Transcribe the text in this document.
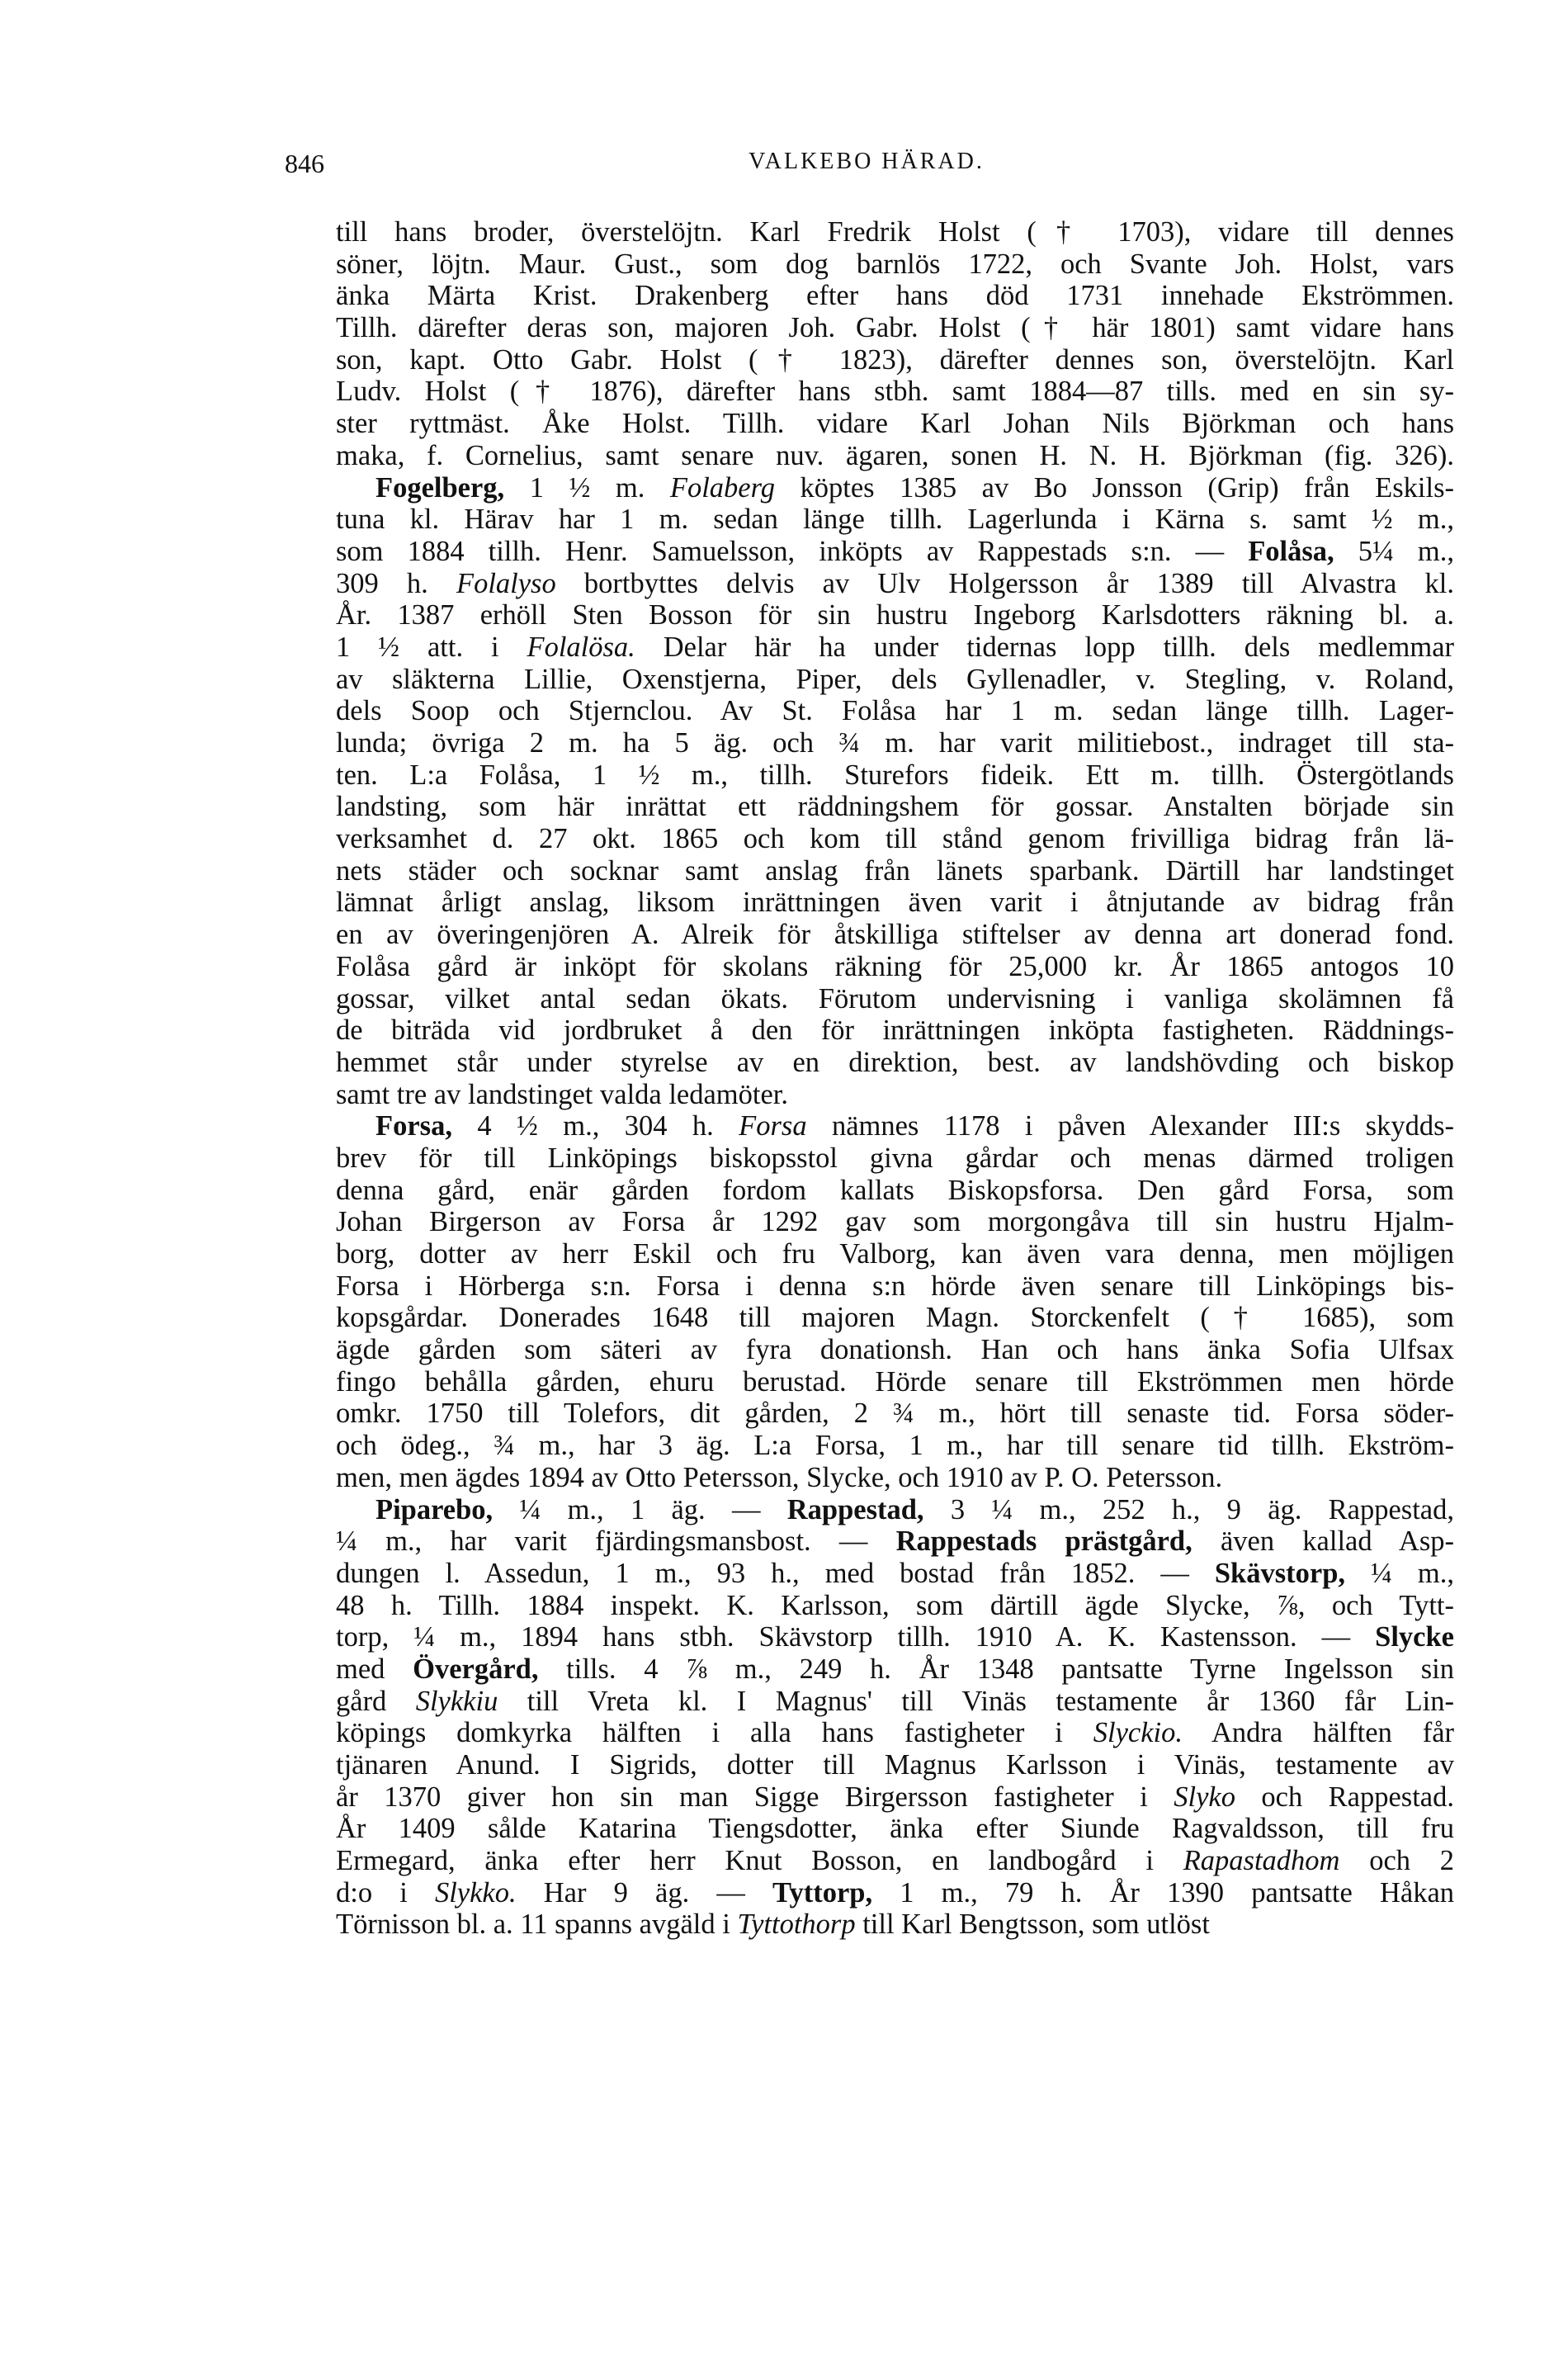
846	VALKEBO HÄRAD.
till hans broder, överstelöjtn. Karl Fredrik Holst († 1703), vidare till dennes
söner, löjtn. Maur. Gust., som dog barnlös 1722, och Svante Joh. Holst, vars
änka Märta Krist. Drakenberg efter hans död 1731 innehade Ekströmmen.
Tillh. därefter deras son, majoren Joh. Gabr. Holst († här 1801) samt vidare hans
son, kapt. Otto Gabr. Holst († 1823), därefter dennes son, överstelöjtn. Karl
Ludv. Holst († 1876), därefter hans stbh. samt 1884—87 tills. med en sin sy-
ster ryttmäst. Åke Holst. Tillh. vidare Karl Johan Nils Björkman och hans
maka, f. Cornelius, samt senare nuv. ägaren, sonen H. N. H. Björkman (fig. 326).
Fogelberg, 1 ½ m. Folaberg köptes 1385 av Bo Jonsson (Grip) från Eskils-
tuna kl. Härav har 1 m. sedan länge tillh. Lagerlunda i Kärna s. samt ½ m.,
som 1884 tillh. Henr. Samuelsson, inköpts av Rappestads s:n. — Folåsa, 5¼ m.,
309 h. Folalyso bortbyttes delvis av Ulv Holgersson år 1389 till Alvastra kl.
År. 1387 erhöll Sten Bosson för sin hustru Ingeborg Karlsdotters räkning bl. a.
1 ½ att. i Folalösa. Delar här ha under tidernas lopp tillh. dels medlemmar
av släkterna Lillie, Oxenstjerna, Piper, dels Gyllenadler, v. Stegling, v. Roland,
dels Soop och Stjernclou. Av St. Folåsa har 1 m. sedan länge tillh. Lager-
lunda; övriga 2 m. ha 5 äg. och ¾ m. har varit militiebost., indraget till sta-
ten. L:a Folåsa, 1 ½ m., tillh. Sturefors fideik. Ett m. tillh. Östergötlands
landsting, som här inrättat ett räddningshem för gossar. Anstalten började sin
verksamhet d. 27 okt. 1865 och kom till stånd genom frivilliga bidrag från lä-
nets städer och socknar samt anslag från länets sparbank. Därtill har landstinget
lämnat årligt anslag, liksom inrättningen även varit i åtnjutande av bidrag från
en av överingenjören A. Alreik för åtskilliga stiftelser av denna art donerad fond.
Folåsa gård är inköpt för skolans räkning för 25,000 kr. År 1865 antogos 10
gossar, vilket antal sedan ökats. Förutom undervisning i vanliga skolämnen få
de biträda vid jordbruket å den för inrättningen inköpta fastigheten. Räddnings-
hemmet står under styrelse av en direktion, best. av landshövding och biskop
samt tre av landstinget valda ledamöter.
Forsa, 4 ½ m., 304 h. Forsa nämnes 1178 i påven Alexander III:s skydds-
brev för till Linköpings biskopsstol givna gårdar och menas därmed troligen
denna gård, enär gården fordom kallats Biskopsforsa. Den gård Forsa, som
Johan Birgerson av Forsa år 1292 gav som morgongåva till sin hustru Hjalm-
borg, dotter av herr Eskil och fru Valborg, kan även vara denna, men möjligen
Forsa i Hörberga s:n. Forsa i denna s:n hörde även senare till Linköpings bis-
kopsgårdar. Donerades 1648 till majoren Magn. Storckenfelt († 1685), som
ägde gården som säteri av fyra donationsh. Han och hans änka Sofia Ulfsax
fingo behålla gården, ehuru berustad. Hörde senare till Ekströmmen men hörde
omkr. 1750 till Tolefors, dit gården, 2 ¾ m., hört till senaste tid. Forsa söder-
och ödeg., ¾ m., har 3 äg. L:a Forsa, 1 m., har till senare tid tillh. Ekström-
men, men ägdes 1894 av Otto Petersson, Slycke, och 1910 av P. O. Petersson.
Piparebo, ¼ m., 1 äg. — Rappestad, 3 ¼ m., 252 h., 9 äg. Rappestad,
¼ m., har varit fjärdingsmansbost. — Rappestads prästgård, även kallad Asp-
dungen l. Assedun, 1 m., 93 h., med bostad från 1852. — Skävstorp, ¼ m.,
48 h. Tillh. 1884 inspekt. K. Karlsson, som därtill ägde Slycke, ⅞, och Tytt-
torp, ¼ m., 1894 hans stbh. Skävstorp tillh. 1910 A. K. Kastensson. — Slycke
med Övergård, tills. 4 ⅞ m., 249 h. År 1348 pantsatte Tyrne Ingelsson sin
gård Slykkiu till Vreta kl. I Magnus' till Vinäs testamente år 1360 får Lin-
köpings domkyrka hälften i alla hans fastigheter i Slyckio. Andra hälften får
tjänaren Anund. I Sigrids, dotter till Magnus Karlsson i Vinäs, testamente av
år 1370 giver hon sin man Sigge Birgersson fastigheter i Slyko och Rappestad.
År 1409 sålde Katarina Tiengsdotter, änka efter Siunde Ragvaldsson, till fru
Ermegard, änka efter herr Knut Bosson, en landbogård i Rapastadhom och 2
d:o i Slykko. Har 9 äg. — Tyttorp, 1 m., 79 h. År 1390 pantsatte Håkan
Törnisson bl. a. 11 spanns avgäld i Tyttothorp till Karl Bengtsson, som utlöst
